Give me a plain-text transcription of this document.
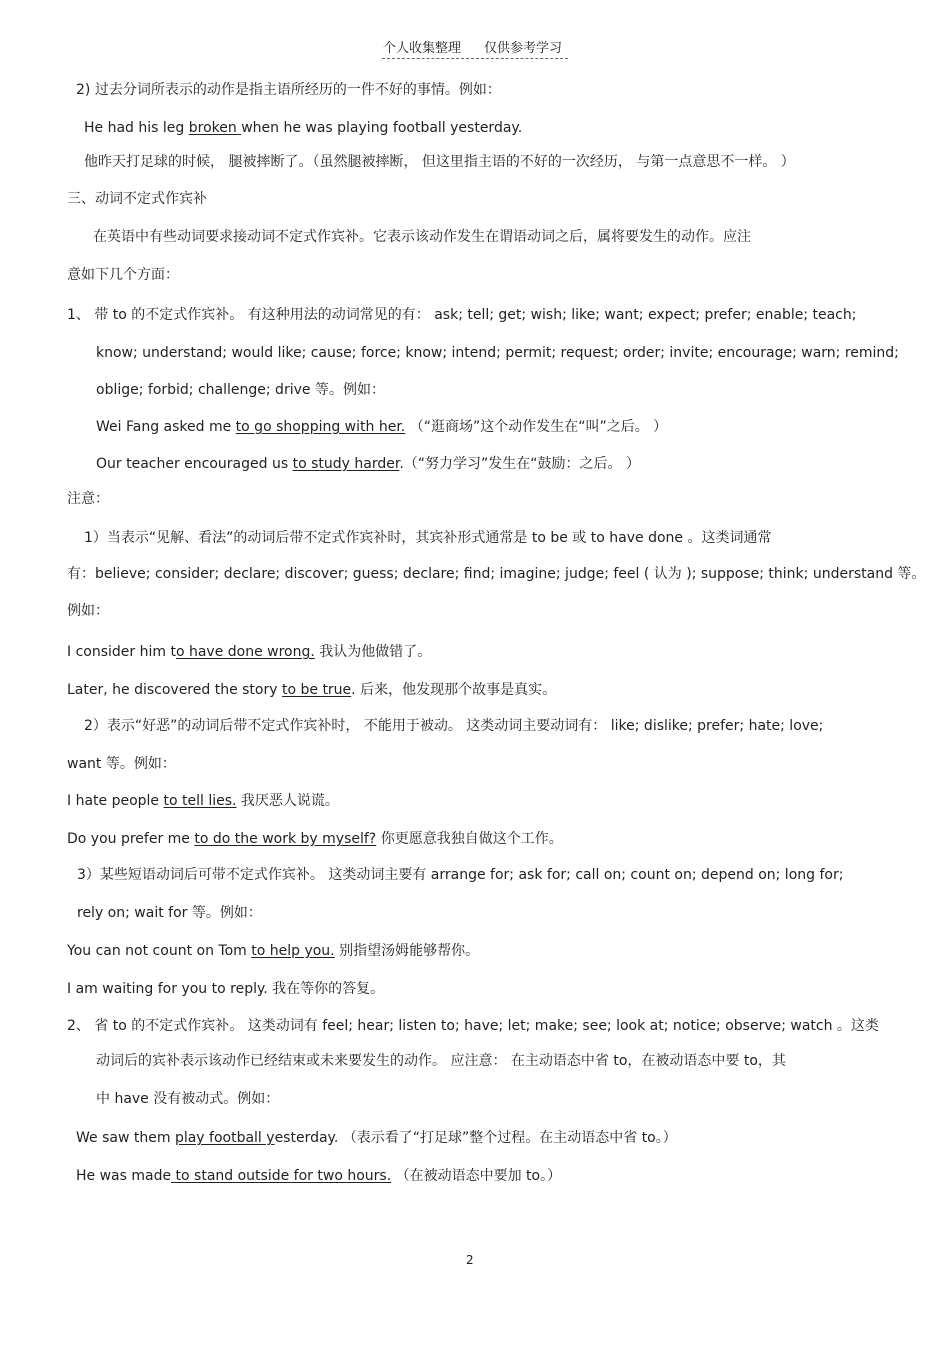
个人收集整理 仅供参考学习
2) 过去分词所表示的动作是指主语所经历的一件不好的事情。例如：
He had his leg broken when he was playing football yesterday.
他昨天打足球的时候， 腿被摔断了。（虽然腿被摔断， 但这里指主语的不好的一次经历， 与第一点意思不一样。 ）
三、动词不定式作宾补
在英语中有些动词要求接动词不定式作宾补。它表示该动作发生在谓语动词之后，属将要发生的动作。应注
意如下几个方面：
1、 带 to 的不定式作宾补。 有这种用法的动词常见的有： ask; tell; get; wish; like; want; expect; prefer; enable; teach;
know; understand; would like; cause; force; know; intend; permit; request; order; invite; encourage; warn; remind;
oblige; forbid; challenge; drive 等。例如：
Wei Fang asked me to go shopping with her. （“逛商场”这个动作发生在“叫”之后。 ）
Our teacher encouraged us to study harder.（“努力学习”发生在“鼓励：之后。 ）
注意：
1）当表示“见解、看法”的动词后带不定式作宾补时，其宾补形式通常是 to be 或 to have done 。这类词通常
有：believe; consider; declare; discover; guess; declare; find; imagine; judge; feel ( 认为 ); suppose; think; understand 等。
例如：
I consider him to have done wrong. 我认为他做错了。
Later, he discovered the story to be true. 后来，他发现那个故事是真实。
2）表示“好恶”的动词后带不定式作宾补时， 不能用于被动。 这类动词主要动词有： like; dislike; prefer; hate; love;
want 等。例如：
I hate people to tell lies. 我厌恶人说谎。
Do you prefer me to do the work by myself? 你更愿意我独自做这个工作。
3）某些短语动词后可带不定式作宾补。 这类动词主要有 arrange for; ask for; call on; count on; depend on; long for;
rely on; wait for 等。例如：
You can not count on Tom to help you. 别指望汤姆能够帮你。
I am waiting for you to reply. 我在等你的答复。
2、 省 to 的不定式作宾补。 这类动词有 feel; hear; listen to; have; let; make; see; look at; notice; observe; watch 。这类
动词后的宾补表示该动作已经结束或未来要发生的动作。 应注意： 在主动语态中省 to，在被动语态中要 to，其
中 have 没有被动式。例如：
We saw them play football yesterday. （表示看了“打足球”整个过程。在主动语态中省 to。）
He was made to stand outside for two hours. （在被动语态中要加 to。）
2
